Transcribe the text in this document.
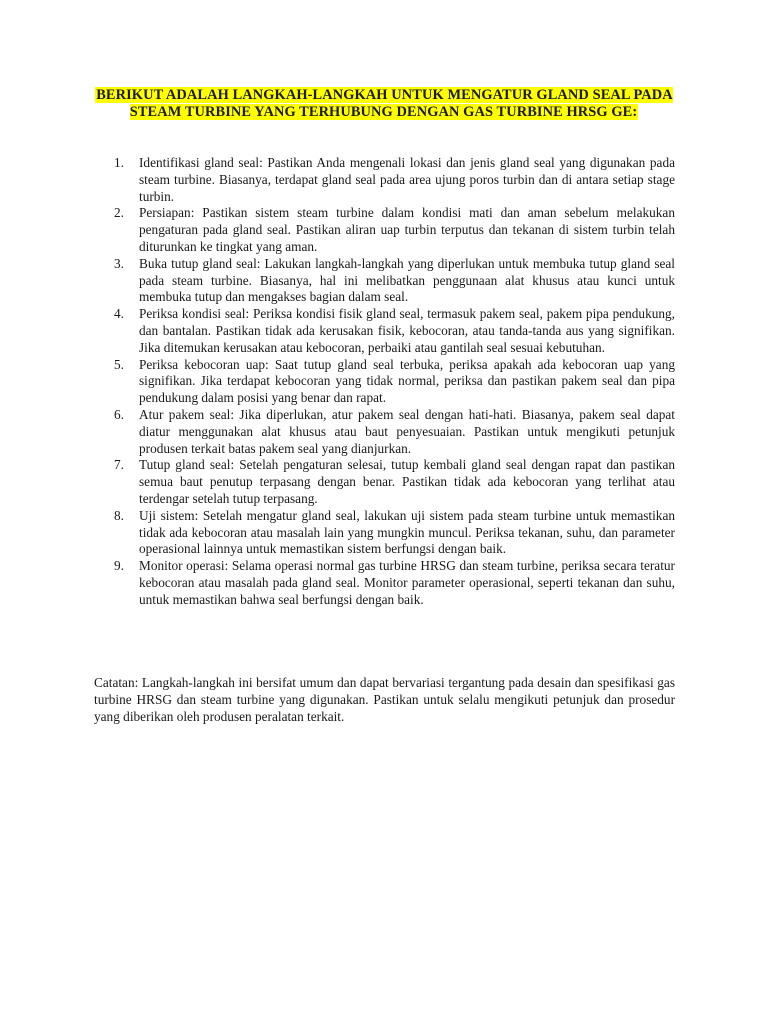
BERIKUT ADALAH LANGKAH-LANGKAH UNTUK MENGATUR GLAND SEAL PADA STEAM TURBINE YANG TERHUBUNG DENGAN GAS TURBINE HRSG GE:
1. Identifikasi gland seal: Pastikan Anda mengenali lokasi dan jenis gland seal yang digunakan pada steam turbine. Biasanya, terdapat gland seal pada area ujung poros turbin dan di antara setiap stage turbin.
2. Persiapan: Pastikan sistem steam turbine dalam kondisi mati dan aman sebelum melakukan pengaturan pada gland seal. Pastikan aliran uap turbin terputus dan tekanan di sistem turbin telah diturunkan ke tingkat yang aman.
3. Buka tutup gland seal: Lakukan langkah-langkah yang diperlukan untuk membuka tutup gland seal pada steam turbine. Biasanya, hal ini melibatkan penggunaan alat khusus atau kunci untuk membuka tutup dan mengakses bagian dalam seal.
4. Periksa kondisi seal: Periksa kondisi fisik gland seal, termasuk pakem seal, pakem pipa pendukung, dan bantalan. Pastikan tidak ada kerusakan fisik, kebocoran, atau tanda-tanda aus yang signifikan. Jika ditemukan kerusakan atau kebocoran, perbaiki atau gantilah seal sesuai kebutuhan.
5. Periksa kebocoran uap: Saat tutup gland seal terbuka, periksa apakah ada kebocoran uap yang signifikan. Jika terdapat kebocoran yang tidak normal, periksa dan pastikan pakem seal dan pipa pendukung dalam posisi yang benar dan rapat.
6. Atur pakem seal: Jika diperlukan, atur pakem seal dengan hati-hati. Biasanya, pakem seal dapat diatur menggunakan alat khusus atau baut penyesuaian. Pastikan untuk mengikuti petunjuk produsen terkait batas pakem seal yang dianjurkan.
7. Tutup gland seal: Setelah pengaturan selesai, tutup kembali gland seal dengan rapat dan pastikan semua baut penutup terpasang dengan benar. Pastikan tidak ada kebocoran yang terlihat atau terdengar setelah tutup terpasang.
8. Uji sistem: Setelah mengatur gland seal, lakukan uji sistem pada steam turbine untuk memastikan tidak ada kebocoran atau masalah lain yang mungkin muncul. Periksa tekanan, suhu, dan parameter operasional lainnya untuk memastikan sistem berfungsi dengan baik.
9. Monitor operasi: Selama operasi normal gas turbine HRSG dan steam turbine, periksa secara teratur kebocoran atau masalah pada gland seal. Monitor parameter operasional, seperti tekanan dan suhu, untuk memastikan bahwa seal berfungsi dengan baik.

Catatan: Langkah-langkah ini bersifat umum dan dapat bervariasi tergantung pada desain dan spesifikasi gas turbine HRSG dan steam turbine yang digunakan. Pastikan untuk selalu mengikuti petunjuk dan prosedur yang diberikan oleh produsen peralatan terkait.
